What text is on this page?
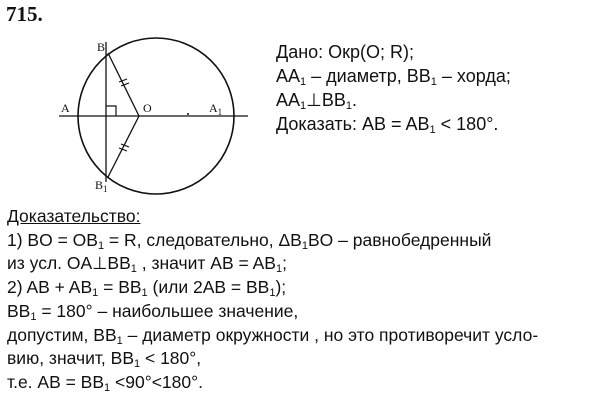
715.
B
A	O	$A_1$
$B_1$
Дано: Окр(O; R);
$AA_1$ – диаметр, $BB_1$ – хорда;
$AA_1\perp BB_1$.
Доказать: AB = $AB_1 < 180^\circ$.
Доказательство:
1) BO = $OB_1 = R$, следовательно, $\Delta B_1BO$ – равнобедренный
из усл. $OA\perp BB_1$ , значит AB = $AB_1$;
2) AB + $AB_1 = BB_1$ (или $2AB = BB_1$);
$BB_1 = 180^\circ$ – наибольшее значение,
допустим, $BB_1$ – диаметр окружности , но это противоречит усло-
вию, значит, $BB_1 < 180^\circ$,
т.е. AB = $BB_1 <90^\circ<180^\circ$.
